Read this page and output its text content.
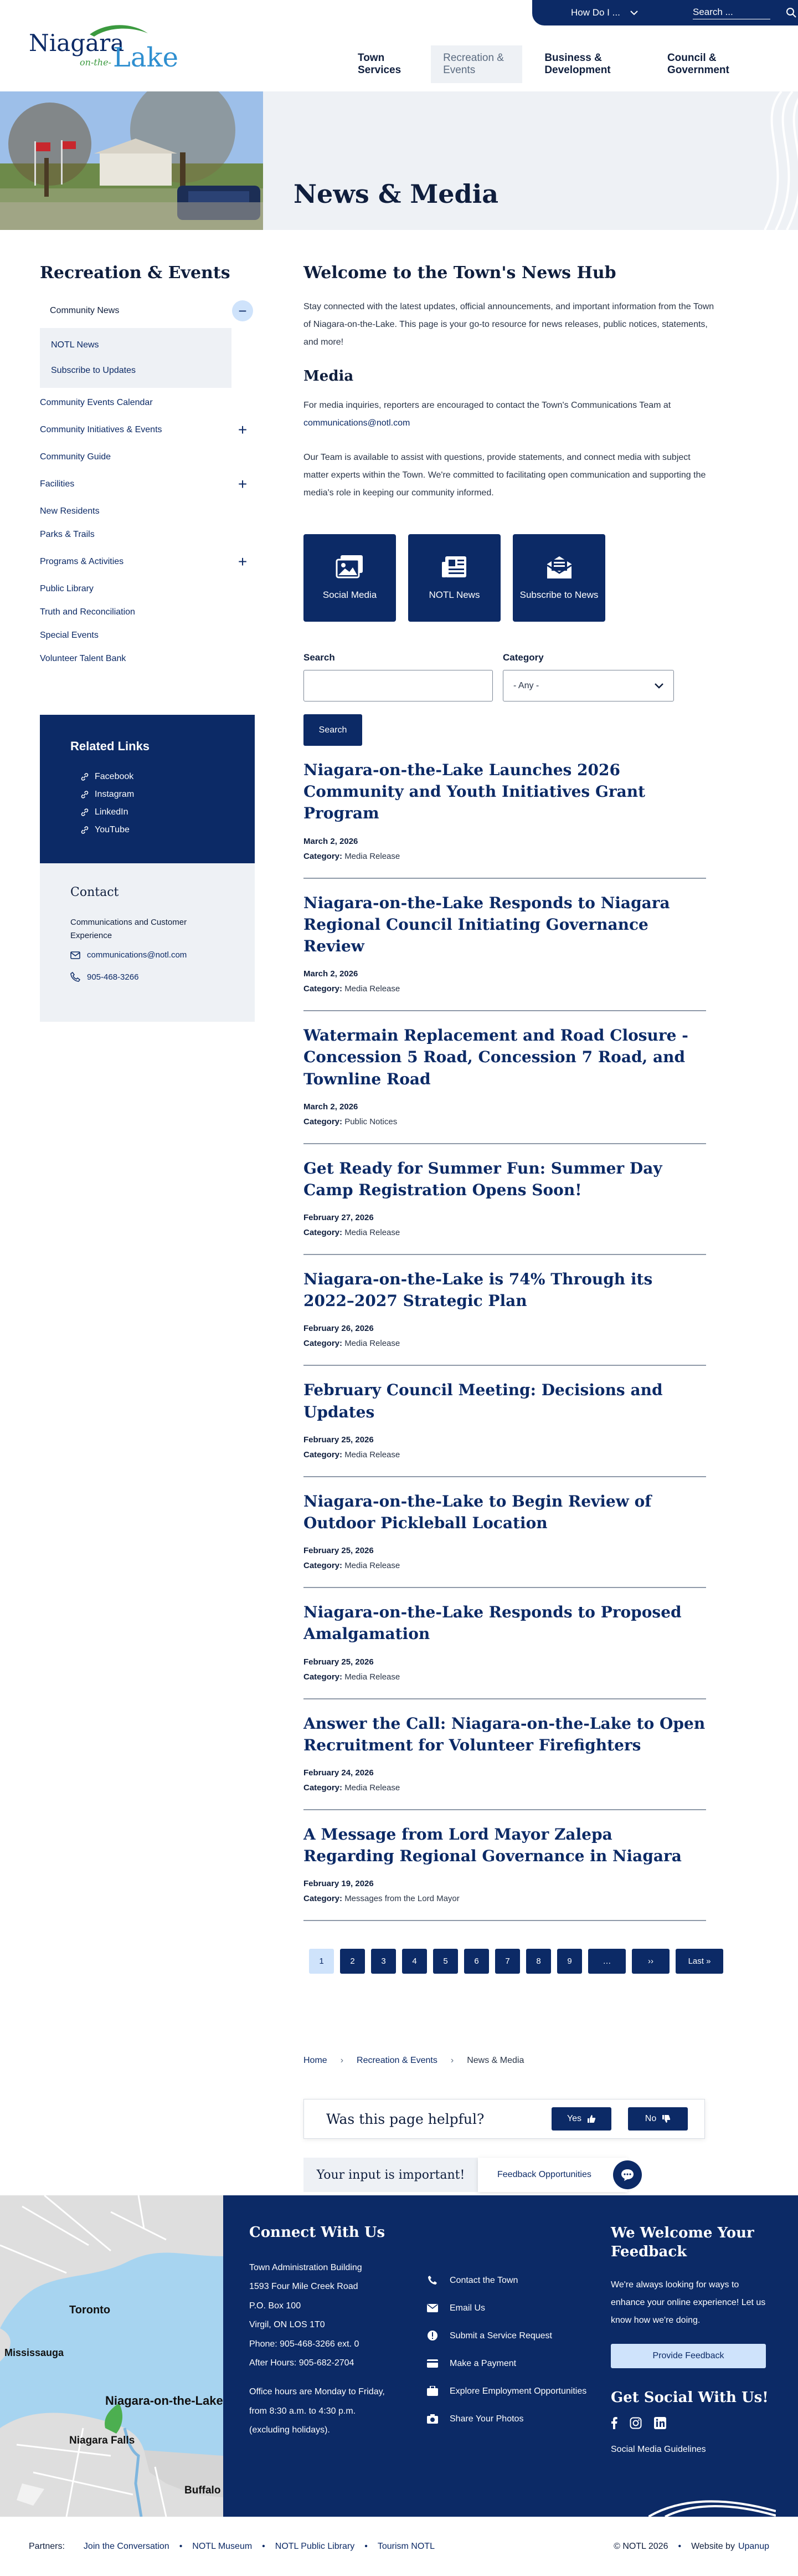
How Do I ...	Search ...
Niagara
on-the- Lake	Town Services
Recreation & Events
Business & Development
Council & Government
News & Media
Recreation & Events
Community News	−
NOTL News
Subscribe to Updates
Community Events Calendar
Community Initiatives & Events	+
Community Guide
Facilities	+
New Residents
Parks & Trails
Programs & Activities	+
Public Library
Truth and Reconciliation
Special Events
Volunteer Talent Bank
Related Links
Facebook
Instagram
LinkedIn
YouTube
Contact
Communications and Customer Experience
communications@notl.com
905-468-3266
Welcome to the Town's News Hub

Stay connected with the latest updates, official announcements, and important information from the Town of Niagara-on-the-Lake. This page is your go-to resource for news releases, public notices, statements, and more!

Media

For media inquiries, reporters are encouraged to contact the Town's Communications Team at communications@notl.com

Our Team is available to assist with questions, provide statements, and connect media with subject matter experts within the Town. We're committed to facilitating open communication and supporting the media's role in keeping our community informed.

Social Media	NOTL News	Subscribe to News
Search	Category
- Any -
Search
Niagara-on-the-Lake Launches 2026 Community and Youth Initiatives Grant Program
March 2, 2026
Category: Media Release
Niagara-on-the-Lake Responds to Niagara Regional Council Initiating Governance Review
March 2, 2026
Category: Media Release
Watermain Replacement and Road Closure - Concession 5 Road, Concession 7 Road, and Townline Road
March 2, 2026
Category: Public Notices
Get Ready for Summer Fun: Summer Day Camp Registration Opens Soon!
February 27, 2026
Category: Media Release
Niagara-on-the-Lake is 74% Through its 2022–2027 Strategic Plan
February 26, 2026
Category: Media Release
February Council Meeting: Decisions and Updates
February 25, 2026
Category: Media Release
Niagara-on-the-Lake to Begin Review of Outdoor Pickleball Location
February 25, 2026
Category: Media Release
Niagara-on-the-Lake Responds to Proposed Amalgamation
February 25, 2026
Category: Media Release
Answer the Call: Niagara-on-the-Lake to Open Recruitment for Volunteer Firefighters
February 24, 2026
Category: Media Release
A Message from Lord Mayor Zalepa Regarding Regional Governance in Niagara
February 19, 2026
Category: Messages from the Lord Mayor
1	2	3	4	5	6	7	8	9	…	››	Last »
Home › Recreation & Events › News & Media
Was this page helpful?	Yes	No
Your input is important!	Feedback Opportunities
Toronto
Mississauga
Niagara-on-the-Lake
Niagara Falls
Buffalo
Connect With Us
Town Administration Building
1593 Four Mile Creek Road
P.O. Box 100
Virgil, ON LOS 1T0
Phone: 905-468-3266 ext. 0
After Hours: 905-682-2704
Office hours are Monday to Friday,
from 8:30 a.m. to 4:30 p.m.
(excluding holidays).
Contact the Town
Email Us
Submit a Service Request
Make a Payment
Explore Employment Opportunities
Share Your Photos
We Welcome Your Feedback
We're always looking for ways to enhance your online experience! Let us know how we're doing.
Provide Feedback
Get Social With Us!
Social Media Guidelines
Partners: Join the Conversation • NOTL Museum • NOTL Public Library • Tourism NOTL	© NOTL 2026 • Website by Upanup
